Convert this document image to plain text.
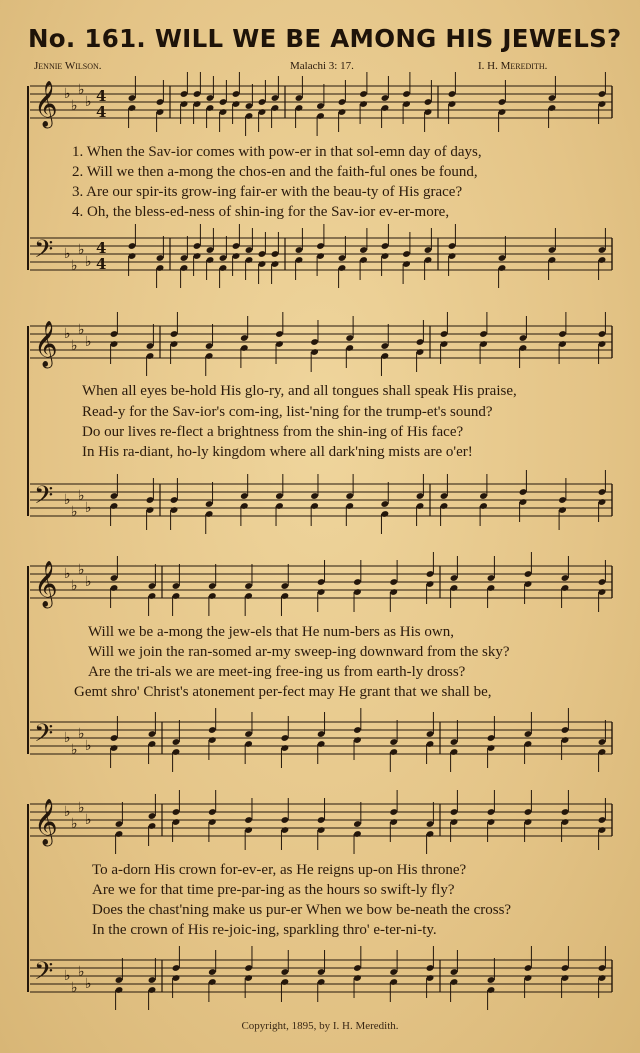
𝄞 ♭
♭
♭
♭ 4
4
𝄢 ♭
♭
♭
♭
4
4
𝄞 ♭
♭
♭
♭
𝄢 ♭
♭
♭
♭
𝄞 ♭
♭
♭
♭
𝄢 ♭
♭
♭
♭
𝄞 ♭
♭
♭
♭
𝄢 ♭
♭
♭
♭
No. 161. WILL WE BE AMONG HIS JEWELS?
Jennie Wilson.	Malachi 3: 17.	I. H. Meredith.
1. When the Sav-ior comes with pow-er in that sol-emn day of days,
2. Will we then a-mong the chos-en and the faith-ful ones be found,
3. Are our spir-its grow-ing fair-er with the beau-ty of His grace?
4. Oh, the bless-ed-ness of shin-ing for the Sav-ior ev-er-more,
When all eyes be-hold His glo-ry, and all tongues shall speak His praise,
Read-y for the Sav-ior's com-ing, list-'ning for the trump-et's sound?
Do our lives re-flect a brightness from the shin-ing of His face?
In His ra-diant, ho-ly kingdom where all dark'ning mists are o'er!
Will we be a-mong the jew-els that He num-bers as His own,
Will we join the ran-somed ar-my sweep-ing downward from the sky?
Are the tri-als we are meet-ing free-ing us from earth-ly dross?
Gemt shro' Christ's atonement per-fect may He grant that we shall be,
To a-dorn His crown for-ev-er, as He reigns up-on His throne?
Are we for that time pre-par-ing as the hours so swift-ly fly?
Does the chast'ning make us pur-er When we bow be-neath the cross?
In the crown of His re-joic-ing, sparkling thro' e-ter-ni-ty.
Copyright, 1895, by I. H. Meredith.
